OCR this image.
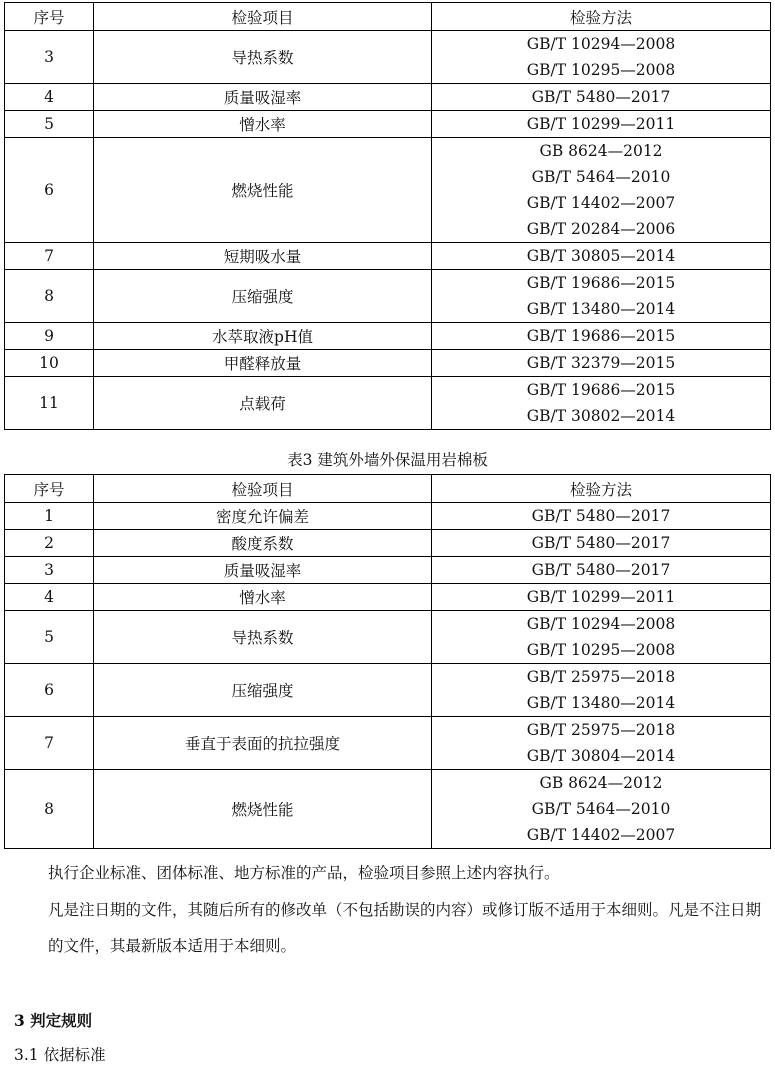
序号	检验项目	检验方法
3	导热系数	GB/T 10294—2008
GB/T 10295—2008

4	质量吸湿率	GB/T 5480—2017

5	憎水率	GB/T 10299—2011

6	燃烧性能	GB 8624—2012
GB/T 5464—2010
GB/T 14402—2007
GB/T 20284—2006

7	短期吸水量	GB/T 30805—2014

8	压缩强度	GB/T 19686—2015
GB/T 13480—2014

9	水萃取液pH值	GB/T 19686—2015

10	甲醛释放量	GB/T 32379—2015

11	点载荷	GB/T 19686—2015
GB/T 30802—2014
表3 建筑外墙外保温用岩棉板
序号	检验项目	检验方法
1	密度允许偏差	GB/T 5480—2017

2	酸度系数	GB/T 5480—2017

3	质量吸湿率	GB/T 5480—2017

4	憎水率	GB/T 10299—2011

5	导热系数	GB/T 10294—2008
GB/T 10295—2008

6	压缩强度	GB/T 25975—2018
GB/T 13480—2014

7	垂直于表面的抗拉强度	GB/T 25975—2018
GB/T 30804—2014

8	燃烧性能	GB 8624—2012
GB/T 5464—2010
GB/T 14402—2007
执行企业标准、团体标准、地方标准的产品，检验项目参照上述内容执行。
凡是注日期的文件，其随后所有的修改单（不包括勘误的内容）或修订版不适用于本细则。凡是不注日期的文件，其最新版本适用于本细则。
3 判定规则
3.1 依据标准
